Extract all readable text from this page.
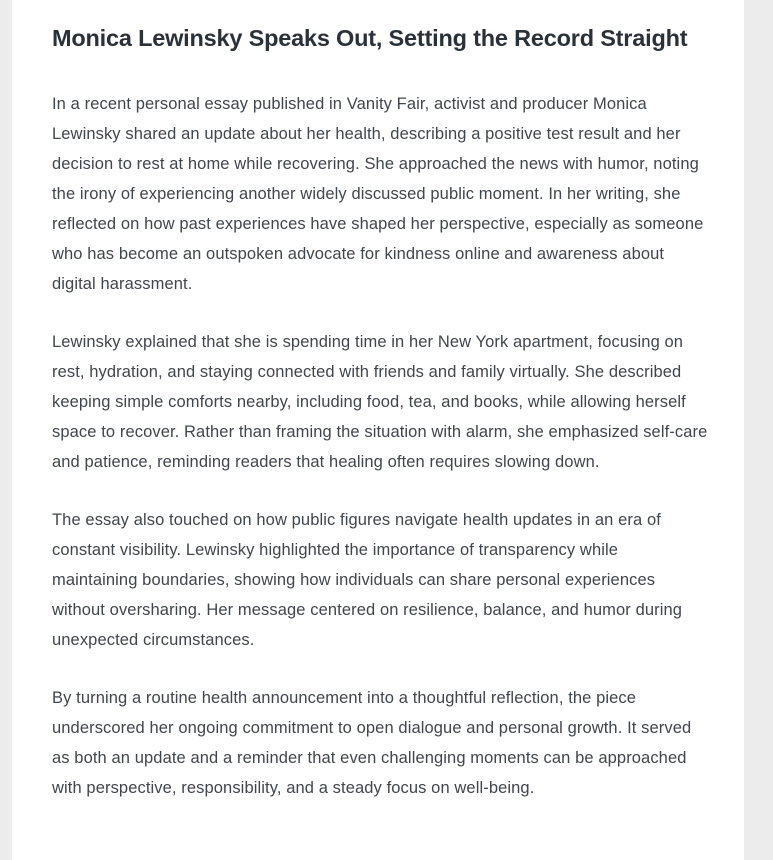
Monica Lewinsky Speaks Out, Setting the Record Straight

In a recent personal essay published in Vanity Fair, activist and producer Monica Lewinsky shared an update about her health, describing a positive test result and her decision to rest at home while recovering. She approached the news with humor, noting the irony of experiencing another widely discussed public moment. In her writing, she reflected on how past experiences have shaped her perspective, especially as someone who has become an outspoken advocate for kindness online and awareness about digital harassment.

Lewinsky explained that she is spending time in her New York apartment, focusing on rest, hydration, and staying connected with friends and family virtually. She described keeping simple comforts nearby, including food, tea, and books, while allowing herself space to recover. Rather than framing the situation with alarm, she emphasized self-care and patience, reminding readers that healing often requires slowing down.

The essay also touched on how public figures navigate health updates in an era of constant visibility. Lewinsky highlighted the importance of transparency while maintaining boundaries, showing how individuals can share personal experiences without oversharing. Her message centered on resilience, balance, and humor during unexpected circumstances.

By turning a routine health announcement into a thoughtful reflection, the piece underscored her ongoing commitment to open dialogue and personal growth. It served as both an update and a reminder that even challenging moments can be approached with perspective, responsibility, and a steady focus on well-being.
